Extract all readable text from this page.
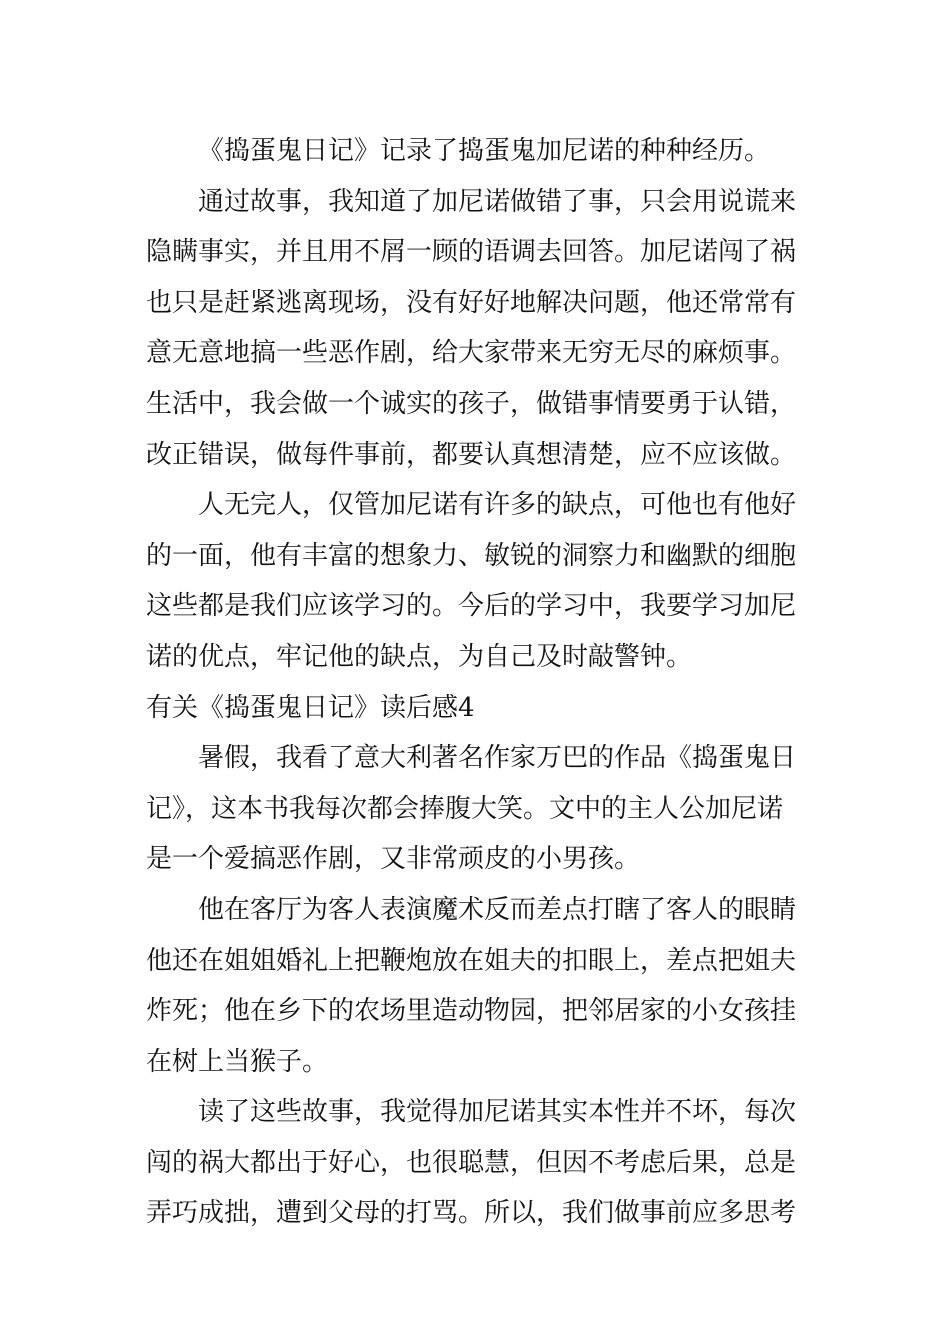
《捣蛋鬼日记》记录了捣蛋鬼加尼诺的种种经历。
通过故事，我知道了加尼诺做错了事，只会用说谎来
隐瞒事实，并且用不屑一顾的语调去回答。加尼诺闯了祸
也只是赶紧逃离现场，没有好好地解决问题，他还常常有
意无意地搞一些恶作剧，给大家带来无穷无尽的麻烦事。
生活中，我会做一个诚实的孩子，做错事情要勇于认错，
改正错误，做每件事前，都要认真想清楚，应不应该做。
人无完人，仅管加尼诺有许多的缺点，可他也有他好
的一面，他有丰富的想象力、敏锐的洞察力和幽默的细胞
这些都是我们应该学习的。今后的学习中，我要学习加尼
诺的优点，牢记他的缺点，为自己及时敲警钟。
有关《捣蛋鬼日记》读后感4
暑假，我看了意大利著名作家万巴的作品《捣蛋鬼日
记》，这本书我每次都会捧腹大笑。文中的主人公加尼诺
是一个爱搞恶作剧，又非常顽皮的小男孩。
他在客厅为客人表演魔术反而差点打瞎了客人的眼睛
他还在姐姐婚礼上把鞭炮放在姐夫的扣眼上，差点把姐夫
炸死；他在乡下的农场里造动物园，把邻居家的小女孩挂
在树上当猴子。
读了这些故事，我觉得加尼诺其实本性并不坏，每次
闯的祸大都出于好心，也很聪慧，但因不考虑后果，总是
弄巧成拙，遭到父母的打骂。所以，我们做事前应多思考
